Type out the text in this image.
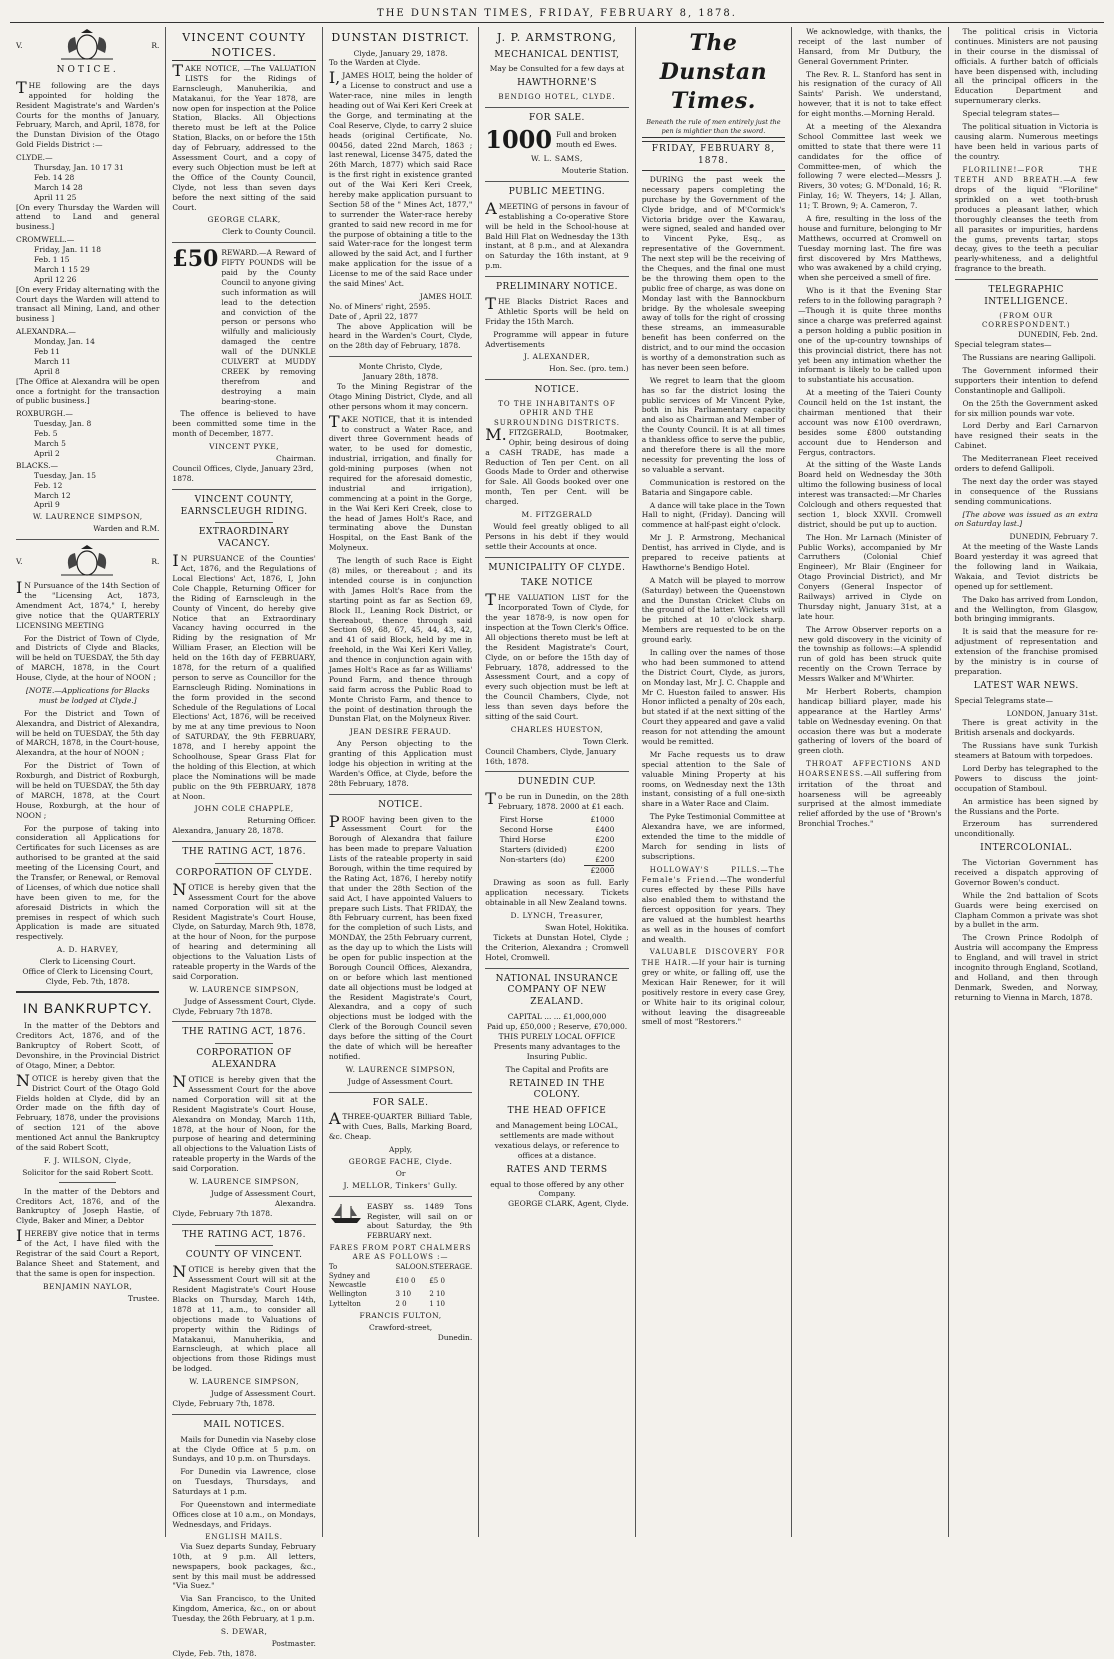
THE DUNSTAN TIMES, FRIDAY, FEBRUARY 8, 1878.
V.	R.
NOTICE.

THE following are the days appointed for holding the Resident Magistrate's and Warden's Courts for the months of January, February, March, and April, 1878, for the Dunstan Division of the Otago Gold Fields District :—

CLYDE.—
Thursday, Jan. 10 17 31
Feb. 14 28
March 14 28
April 11 25

[On every Thursday the Warden will attend to Land and general business.]

CROMWELL.—
Friday, Jan. 11 18
Feb. 1 15
March 1 15 29
April 12 26

[On every Friday alternating with the Court days the Warden will attend to transact all Mining, Land, and other business ]

ALEXANDRA.—
Monday, Jan. 14
Feb 11
March 11
April 8

[The Office at Alexandra will be open once a fortnight for the transaction of public business.]

ROXBURGH.—
Tuesday, Jan. 8
Feb. 5
March 5
April 2
BLACKS.—
Tuesday, Jan. 15
Feb. 12
March 12
April 9
W. LAURENCE SIMPSON,
Warden and R.M.
V.	R.

IN Pursuance of the 14th Section of the "Licensing Act, 1873, Amendment Act, 1874," I, hereby give notice that the QUARTERLY LICENSING MEETING

For the District of Town of Clyde, and Districts of Clyde and Blacks, will be held on TUESDAY, the 5th day of MARCH, 1878, in the Court House, Clyde, at the hour of NOON ;

[NOTE.—Applications for Blacks must be lodged at Clyde.]

For the District and Town of Alexandra, and District of Alexandra, will be held on TUESDAY, the 5th day of MARCH, 1878, in the Court-house, Alexandra, at the hour of NOON ;

For the District of Town of Roxburgh, and District of Roxburgh, will be held on TUESDAY, the 5th day of MARCH, 1878, at the Court House, Roxburgh, at the hour of NOON ;

For the purpose of taking into consideration all Applications for Certificates for such Licenses as are authorised to be granted at the said meeting of the Licensing Court, and the Transfer, or Renewal, or Removal of Licenses, of which due notice shall have been given to me, for the aforesaid Districts in which the premises in respect of which such Application is made are situated respectively.

A. D. HARVEY,
Clerk to Licensing Court.
Office of Clerk to Licensing Court, Clyde, Feb. 7th, 1878.
IN BANKRUPTCY.

In the matter of the Debtors and Creditors Act, 1876, and of the Bankruptcy of Robert Scott, of Devonshire, in the Provincial District of Otago, Miner, a Debtor.

NOTICE is hereby given that the District Court of the Otago Gold Fields holden at Clyde, did by an Order made on the fifth day of February, 1878, under the provisions of section 121 of the above mentioned Act annul the Bankruptcy of the said Robert Scott,

F. J. WILSON, Clyde,
Solicitor for the said Robert Scott.

In the matter of the Debtors and Creditors Act, 1876, and of the Bankruptcy of Joseph Hastie, of Clyde, Baker and Miner, a Debtor

IHEREBY give notice that in terms of the Act, I have filed with the Registrar of the said Court a Report, Balance Sheet and Statement, and that the same is open for inspection.

BENJAMIN NAYLOR,
Trustee.
VINCENT COUNTY NOTICES.

TAKE NOTICE, —The VALUATION LISTS for the Ridings of Earnscleugh, Manuherikia, and Matakanui, for the Year 1878, are now open for inspection at the Police Station, Blacks. All Objections thereto must be left at the Police Station, Blacks, on or before the 15th day of February, addressed to the Assessment Court, and a copy of every such Objection must be left at the Office of the County Council, Clyde, not less than seven days before the next sitting of the said Court.

GEORGE CLARK,
Clerk to County Council.
£50 REWARD.—A Reward of FIFTY POUNDS will be paid by the County Council to anyone giving such information as will lead to the detection and conviction of the person or persons who wilfully and maliciously damaged the centre wall of the DUNKLE CULVERT at MUDDY CREEK by removing therefrom and destroying a main bearing-stone.

The offence is believed to have been committed some time in the month of December, 1877.

VINCENT PYKE,
Chairman.
Council Offices, Clyde, January 23rd, 1878.
VINCENT COUNTY, EARNSCLEUGH RIDING.
EXTRAORDINARY VACANCY.

IN PURSUANCE of the Counties' Act, 1876, and the Regulations of Local Elections' Act, 1876, I, John Cole Chapple, Returning Officer for the Riding of Earnscleugh in the County of Vincent, do hereby give Notice that an Extraordinary Vacancy having occurred in the Riding by the resignation of Mr William Fraser, an Election will be held on the 16th day of FEBRUARY, 1878, for the return of a qualified person to serve as Councillor for the Earnscleugh Riding. Nominations in the form provided in the second Schedule of the Regulations of Local Elections' Act, 1876, will be received by me at any time previous to Noon of SATURDAY, the 9th FEBRUARY, 1878, and I hereby appoint the Schoolhouse, Spear Grass Flat for the holding of this Election, at which place the Nominations will be made public on the 9th FEBRUARY, 1878 at Noon.

JOHN COLE CHAPPLE,
Returning Officer.
Alexandra, January 28, 1878.
THE RATING ACT, 1876.
CORPORATION OF CLYDE.

NOTICE is hereby given that the Assessment Court for the above named Corporation will sit at the Resident Magistrate's Court House, Clyde, on Saturday, March 9th, 1878, at the hour of Noon, for the purpose of hearing and determining all objections to the Valuation Lists of rateable property in the Wards of the said Corporation.

W. LAURENCE SIMPSON,
Judge of Assessment Court, Clyde.
Clyde, February 7th 1878.
THE RATING ACT, 1876.
CORPORATION OF ALEXANDRA

NOTICE is hereby given that the Assessment Court for the above named Corporation will sit at the Resident Magistrate's Court House, Alexandra on Monday, March 11th, 1878, at the hour of Noon, for the purpose of hearing and determining all objections to the Valuation Lists of rateable property in the Wards of the said Corporation.

W. LAURENCE SIMPSON,
Judge of Assessment Court, Alexandra.
Clyde, February 7th 1878.
THE RATING ACT, 1876.
COUNTY OF VINCENT.

NOTICE is hereby given that the Assessment Court will sit at the Resident Magistrate's Court House Blacks on Thursday, March 14th, 1878 at 11, a.m., to consider all objections made to Valuations of property within the Ridings of Matakanui, Manuherikia, and Earnscleugh, at which place all objections from those Ridings must be lodged.

W. LAURENCE SIMPSON,
Judge of Assessment Court.
Clyde, February 7th, 1878.
MAIL NOTICES.

Mails for Dunedin via Naseby close at the Clyde Office at 5 p.m. on Sundays, and 10 p.m. on Thursdays.

For Dunedin via Lawrence, close on Tuesdays, Thursdays, and Saturdays at 1 p.m.

For Queenstown and intermediate Offices close at 10 a.m., on Mondays, Wednesdays, and Fridays.

ENGLISH MAILS.

Via Suez departs Sunday, February 10th, at 9 p.m. All letters, newspapers, book packages, &c., sent by this mail must be addressed "Via Suez."

Via San Francisco, to the United Kingdom, America, &c., on or about Tuesday, the 26th February, at 1 p.m.

S. DEWAR,
Postmaster.
Clyde, Feb. 7th, 1878.
DUNSTAN DISTRICT.
Clyde, January 29, 1878.

To the Warden at Clyde.

I,JAMES HOLT, being the holder of a License to construct and use a Water-race, nine miles in length heading out of Wai Keri Keri Creek at the Gorge, and terminating at the Coal Reserve, Clyde, to carry 2 sluice heads (original Certificate, No. 00456, dated 22nd March, 1863 ; last renewal, License 3475, dated the 26th March, 1877) which said Race is the first right in existence granted out of the Wai Keri Keri Creek, hereby make application pursuant to Section 58 of the " Mines Act, 1877," to surrender the Water-race hereby granted to said new record in me for the purpose of obtaining a title to the said Water-race for the longest term allowed by the said Act, and I further make application for the issue of a License to me of the said Race under the said Mines' Act.

JAMES HOLT.
No. of Miners' right, 2595.
Date of , April 22, 1877

The above Application will be heard in the Warden's Court, Clyde, on the 28th day of February, 1878.

Monte Christo, Clyde,
January 28th, 1878.

To the Mining Registrar of the Otago Mining District, Clyde, and all other persons whom it may concern.

TAKE NOTICE, that it is intended to construct a Water Race, and divert three Government heads of water, to be used for domestic, industrial, irrigation, and finally for gold-mining purposes (when not required for the aforesaid domestic, industrial and irrigation), commencing at a point in the Gorge, in the Wai Keri Keri Creek, close to the head of James Holt's Race, and terminating above the Dunstan Hospital, on the East Bank of the Molyneux.

The length of such Race is Eight (8) miles, or thereabout ; and its intended course is in conjunction with James Holt's Race from the starting point as far as Section 69, Block II., Leaning Rock District, or thereabout, thence through said Section 69, 68, 67, 45, 44, 43, 42, and 41 of said Block, held by me in freehold, in the Wai Keri Keri Valley, and thence in conjunction again with James Holt's Race as far as Williams' Pound Farm, and thence through said farm across the Public Road to Monte Christo Farm, and thence to the point of destination through the Dunstan Flat, on the Molyneux River.

JEAN DESIRE FERAUD.

Any Person objecting to the granting of this Application must lodge his objection in writing at the Warden's Office, at Clyde, before the 28th February, 1878.

NOTICE.

PROOF having been given to the Assessment Court for the Borough of Alexandra that failure has been made to prepare Valuation Lists of the rateable property in said Borough, within the time required by the Rating Act, 1876, I hereby notify that under the 28th Section of the said Act, I have appointed Valuers to prepare such Lists. That FRIDAY, the 8th February current, has been fixed for the completion of such Lists, and MONDAY, the 25th February current, as the day up to which the Lists will be open for public inspection at the Borough Council Offices, Alexandra, on or before which last mentioned date all objections must be lodged at the Resident Magistrate's Court, Alexandra, and a copy of such objections must be lodged with the Clerk of the Borough Council seven days before the sitting of the Court the date of which will be hereafter notified.

W. LAURENCE SIMPSON,
Judge of Assessment Court.
FOR SALE.

ATHREE-QUARTER Billiard Table, with Cues, Balls, Marking Board, &c. Cheap.

Apply,
GEORGE FACHE, Clyde.
Or
J. MELLOR, Tinkers' Gully.

EASBY ss. 1489 Tons Register, will sail on or about Saturday, the 9th FEBRUARY next.

FARES FROM PORT CHALMERS ARE AS FOLLOWS :—
To	SALOON.	STEERAGE.
Sydney and Newcastle	£10 0	£5 0
Wellington	3 10	2 10
Lyttelton	2 0	1 10
FRANCIS FULTON,
Crawford-street,
Dunedin.
J. P. ARMSTRONG,
MECHANICAL DENTIST,

May be Consulted for a few days at

HAWTHORNE'S
BENDIGO HOTEL, CLYDE.
FOR SALE.
1000 Full and broken mouth ed Ewes.
W. L. SAMS,
Mouterie Station.
PUBLIC MEETING.

AMEETING of persons in favour of establishing a Co-operative Store will be held in the School-house at Bald Hill Flat on Wednesday the 13th instant, at 8 p.m., and at Alexandra on Saturday the 16th instant, at 9 p.m.

PRELIMINARY NOTICE.

THE Blacks District Races and Athletic Sports will be held on Friday the 15th March.

Programme will appear in future Advertisements

J. ALEXANDER,
Hon. Sec. (pro. tem.)
NOTICE.
TO THE INHABITANTS OF OPHIR AND THE SURROUNDING DISTRICTS.

M.FITZGERALD, Bootmaker, Ophir, being desirous of doing a CASH TRADE, has made a Reduction of Ten per Cent. on all Goods Made to Order and otherwise for Sale. All Goods booked over one month, Ten per Cent. will be charged.

M. FITZGERALD

Would feel greatly obliged to all Persons in his debt if they would settle their Accounts at once.

MUNICIPALITY OF CLYDE.
TAKE NOTICE

THE VALUATION LIST for the Incorporated Town of Clyde, for the year 1878-9, is now open for inspection at the Town Clerk's Office. All objections thereto must be left at the Resident Magistrate's Court, Clyde, on or before the 15th day of February, 1878, addressed to the Assessment Court, and a copy of every such objection must be left at the Council Chambers, Clyde, not less than seven days before the sitting of the said Court.

CHARLES HUESTON,
Town Clerk.
Council Chambers, Clyde, January 16th, 1878.
DUNEDIN CUP.

To be run in Dunedin, on the 28th February, 1878. 2000 at £1 each.

First Horse	£1000
Second Horse	£400
Third Horse	£200
Starters (divided)	£200
Non-starters (do)	£200
	£2000

Drawing as soon as full. Early application necessary. Tickets obtainable in all New Zealand towns.

D. LYNCH, Treasurer,
Swan Hotel, Hokitika.

Tickets at Dunstan Hotel, Clyde ; the Criterion, Alexandra ; Cromwell Hotel, Cromwell.

NATIONAL INSURANCE COMPANY OF NEW ZEALAND.
CAPITAL ... ... £1,000,000
Paid up, £50,000 ; Reserve, £70,000.

THIS PURELY LOCAL OFFICE Presents many advantages to the Insuring Public.

The Capital and Profits are
RETAINED IN THE COLONY.
THE HEAD OFFICE

and Management being LOCAL, settlements are made without vexatious delays, or reference to offices at a distance.

RATES AND TERMS
equal to those offered by any other Company.
GEORGE CLARK, Agent, Clyde.
The Dunstan Times.
Beneath the rule of men entirely just the pen is mightier than the sword.
FRIDAY, FEBRUARY 8, 1878.

DURING the past week the necessary papers completing the purchase by the Government of the Clyde bridge, and of M'Cormick's Victoria bridge over the Kawarau, were signed, sealed and handed over to Vincent Pyke, Esq., as representative of the Government. The next step will be the receiving of the Cheques, and the final one must be the throwing them open to the public free of charge, as was done on Monday last with the Bannockburn bridge. By the wholesale sweeping away of tolls for the right of crossing these streams, an immeasurable benefit has been conferred on the district, and to our mind the occasion is worthy of a demonstration such as has never been seen before.

We regret to learn that the gloom has so far the district losing the public services of Mr Vincent Pyke, both in his Parliamentary capacity and also as Chairman and Member of the County Council. It is at all times a thankless office to serve the public, and therefore there is all the more necessity for preventing the loss of so valuable a servant.

Communication is restored on the Bataria and Singapore cable.

A dance will take place in the Town Hall to night, (Friday). Dancing will commence at half-past eight o'clock.

Mr J. P. Armstrong, Mechanical Dentist, has arrived in Clyde, and is prepared to receive patients at Hawthorne's Bendigo Hotel.

A Match will be played to morrow (Saturday) between the Queenstown and the Dunstan Cricket Clubs on the ground of the latter. Wickets will be pitched at 10 o'clock sharp. Members are requested to be on the ground early.

In calling over the names of those who had been summoned to attend the District Court, Clyde, as jurors, on Monday last, Mr J. C. Chapple and Mr C. Hueston failed to answer. His Honor inflicted a penalty of 20s each, but stated if at the next sitting of the Court they appeared and gave a valid reason for not attending the amount would be remitted.

Mr Fache requests us to draw special attention to the Sale of valuable Mining Property at his rooms, on Wednesday next the 13th instant, consisting of a full one-sixth share in a Water Race and Claim.

The Pyke Testimonial Committee at Alexandra have, we are informed, extended the time to the middle of March for sending in lists of subscriptions.

HOLLOWAY'S PILLS.—The Female's Friend.—The wonderful cures effected by these Pills have also enabled them to withstand the fiercest opposition for years. They are valued at the humblest hearths as well as in the houses of comfort and wealth.

VALUABLE DISCOVERY FOR THE HAIR.—If your hair is turning grey or white, or falling off, use the Mexican Hair Renewer, for it will positively restore in every case Grey, or White hair to its original colour, without leaving the disagreeable smell of most "Restorers."

We acknowledge, with thanks, the receipt of the last number of Hansard, from Mr Dutbury, the General Government Printer.

The Rev. R. L. Stanford has sent in his resignation of the curacy of All Saints' Parish. We understand, however, that it is not to take effect for eight months.—Morning Herald.

At a meeting of the Alexandra School Committee last week we omitted to state that there were 11 candidates for the office of Committee-men, of which the following 7 were elected—Messrs J. Rivers, 30 votes; G. M'Donald, 16; R. Finlay, 16; W. Theyers, 14; J. Allan, 11; T. Brown, 9; A. Cameron, 7.

A fire, resulting in the loss of the house and furniture, belonging to Mr Matthews, occurred at Cromwell on Tuesday morning last. The fire was first discovered by Mrs Matthews, who was awakened by a child crying, when she perceived a smell of fire.

Who is it that the Evening Star refers to in the following paragraph ?—Though it is quite three months since a charge was preferred against a person holding a public position in one of the up-country townships of this provincial district, there has not yet been any intimation whether the informant is likely to be called upon to substantiate his accusation.

At a meeting of the Taieri County Council held on the 1st instant, the chairman mentioned that their account was now £100 overdrawn, besides some £800 outstanding account due to Henderson and Fergus, contractors.

At the sitting of the Waste Lands Board held on Wednesday the 30th ultimo the following business of local interest was transacted:—Mr Charles Colclough and others requested that section 1, block XXVII. Cromwell district, should be put up to auction.

The Hon. Mr Larnach (Minister of Public Works), accompanied by Mr Carruthers (Colonial Chief Engineer), Mr Blair (Engineer for Otago Provincial District), and Mr Conyers (General Inspector of Railways) arrived in Clyde on Thursday night, January 31st, at a late hour.

The Arrow Observer reports on a new gold discovery in the vicinity of the township as follows:—A splendid run of gold has been struck quite recently on the Crown Terrace by Messrs Walker and M'Whirter.

Mr Herbert Roberts, champion handicap billiard player, made his appearance at the Hartley Arms' table on Wednesday evening. On that occasion there was but a moderate gathering of lovers of the board of green cloth.

THROAT AFFECTIONS AND HOARSENESS.—All suffering from irritation of the throat and hoarseness will be agreeably surprised at the almost immediate relief afforded by the use of "Brown's Bronchial Troches."

The political crisis in Victoria continues. Ministers are not pausing in their course in the dismissal of officials. A further batch of officials have been dispensed with, including all the principal officers in the Education Department and supernumerary clerks.

Special telegram states—

The political situation in Victoria is causing alarm. Numerous meetings have been held in various parts of the country.

FLORILINE!—FOR THE TEETH AND BREATH.—A few drops of the liquid "Floriline" sprinkled on a wet tooth-brush produces a pleasant lather, which thoroughly cleanses the teeth from all parasites or impurities, hardens the gums, prevents tartar, stops decay, gives to the teeth a peculiar pearly-whiteness, and a delightful fragrance to the breath.

TELEGRAPHIC INTELLIGENCE.
(FROM OUR CORRESPONDENT.)
DUNEDIN, Feb. 2nd.

Special telegram states—

The Russians are nearing Gallipoli.

The Government informed their supporters their intention to defend Constantinople and Gallipoli.

On the 25th the Government asked for six million pounds war vote.

Lord Derby and Earl Carnarvon have resigned their seats in the Cabinet.

The Mediterranean Fleet received orders to defend Gallipoli.

The next day the order was stayed in consequence of the Russians sending communications.

[The above was issued as an extra on Saturday last.]

DUNEDIN, February 7.

At the meeting of the Waste Lands Board yesterday it was agreed that the following land in Waikaia, Wakaia, and Teviot districts be opened up for settlement.

The Dako has arrived from London, and the Wellington, from Glasgow, both bringing immigrants.

It is said that the measure for re-adjustment of representation and extension of the franchise promised by the ministry is in course of preparation.

LATEST WAR NEWS.

Special Telegrams state—

LONDON, January 31st.

There is great activity in the British arsenals and dockyards.

The Russians have sunk Turkish steamers at Batoum with torpedoes.

Lord Derby has telegraphed to the Powers to discuss the joint-occupation of Stamboul.

An armistice has been signed by the Russians and the Porte.

Erzeroum has surrendered unconditionally.

INTERCOLONIAL.

The Victorian Government has received a dispatch approving of Governor Bowen's conduct.

While the 2nd battalion of Scots Guards were being exercised on Clapham Common a private was shot by a bullet in the arm.

The Crown Prince Rodolph of Austria will accompany the Empress to England, and will travel in strict incognito through England, Scotland, and Holland, and then through Denmark, Sweden, and Norway, returning to Vienna in March, 1878.
